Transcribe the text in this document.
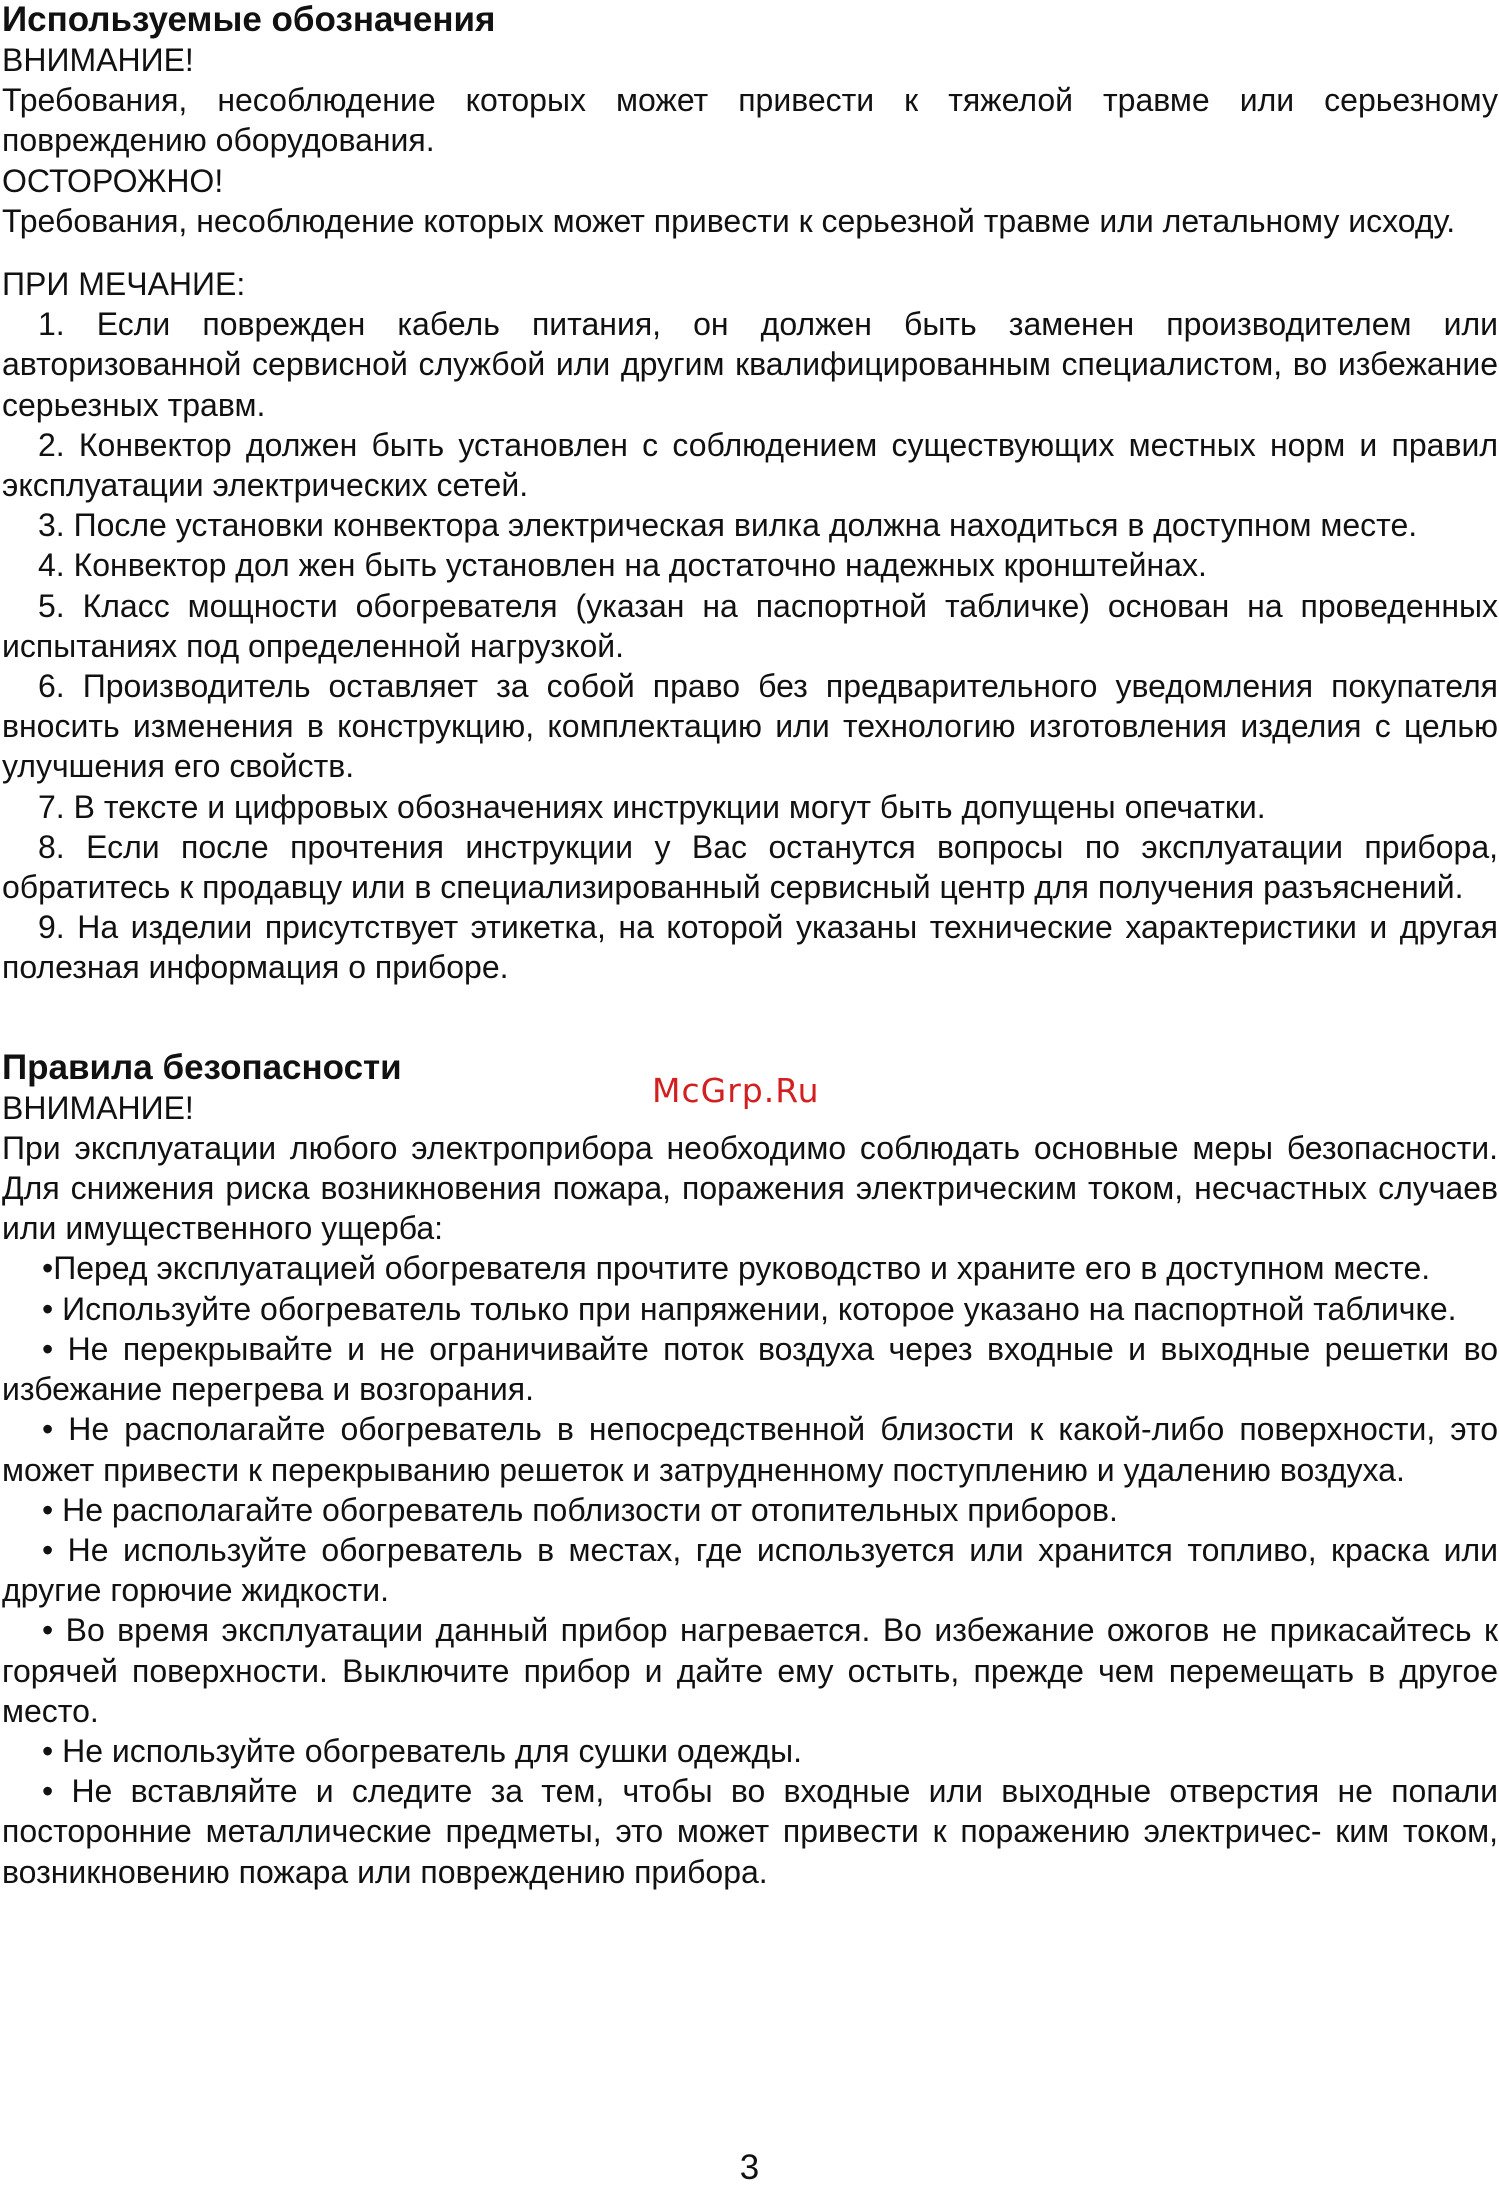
Используемые обозначения

ВНИМАНИЕ!

Требования, несоблюдение которых может привести к тяжелой травме или серьезному повреждению оборудования.

ОСТОРОЖНО!

Требования, несоблюдение которых может привести к серьезной травме или летальному исходу.

ПРИ МЕЧАНИЕ:

1. Если поврежден кабель питания, он должен быть заменен производителем или авторизованной сервисной службой или другим квалифицированным специалистом, во избежание серьезных травм.

2. Конвектор должен быть установлен с соблюдением существующих местных норм и правил эксплуатации электрических сетей.

3. После установки конвектора электрическая вилка должна находиться в доступном месте.

4. Конвектор дол жен быть установлен на достаточно надежных кронштейнах.

5. Класс мощности обогревателя (указан на паспортной табличке) основан на проведенных испытаниях под определенной нагрузкой.

6. Производитель оставляет за собой право без предварительного уведомления покупателя вносить изменения в конструкцию, комплектацию или технологию изготовления изделия с целью улучшения его свойств.

7. В тексте и цифровых обозначениях инструкции могут быть допущены опечатки.

8. Если после прочтения инструкции у Вас останутся вопросы по эксплуатации прибора, обратитесь к продавцу или в специализированный сервисный центр для получения разъяснений.

9. На изделии присутствует этикетка, на которой указаны технические характеристики и другая полезная информация о приборе.

Правила безопасности

ВНИМАНИЕ!

При эксплуатации любого электроприбора необходимо соблюдать основные меры безопасности. Для снижения риска возникновения пожара, поражения электрическим током, несчастных случаев или имущественного ущерба:

•Перед эксплуатацией обогревателя прочтите руководство и храните его в доступном месте.

• Используйте обогреватель только при напряжении, которое указано на паспортной табличке.

• Не перекрывайте и не ограничивайте поток воздуха через входные и выходные решетки во избежание перегрева и возгорания.

• Не располагайте обогреватель в непосредственной близости к какой-либо поверхности, это может привести к перекрыванию решеток и затрудненному поступлению и удалению воздуха.

• Не располагайте обогреватель поблизости от отопительных приборов.

• Не используйте обогреватель в местах, где используется или хранится топливо, краска или другие горючие жидкости.

• Во время эксплуатации данный прибор нагревается. Во избежание ожогов не прикасайтесь к горячей поверхности. Выключите прибор и дайте ему остыть, прежде чем перемещать в другое место.

• Не используйте обогреватель для сушки одежды.

• Не вставляйте и следите за тем, чтобы во входные или выходные отверстия не попали посторонние металлические предметы, это может привести к поражению электричес- ким током, возникновению пожара или повреждению прибора.

McGrp.Ru
3
